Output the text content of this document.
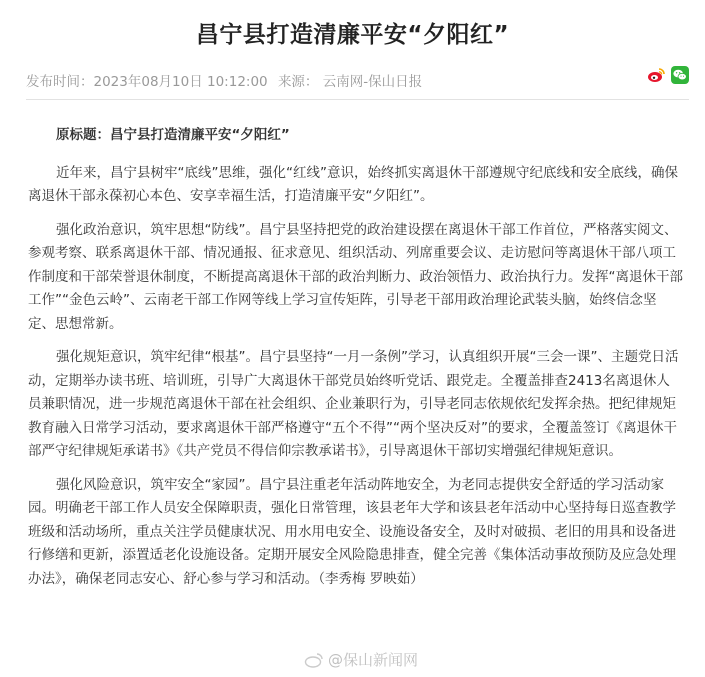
昌宁县打造清廉平安“夕阳红”
发布时间：2023年08月10日 10:12:00 来源： 云南网-保山日报

原标题：昌宁县打造清廉平安“夕阳红”

近年来，昌宁县树牢“底线”思维，强化“红线”意识，始终抓实离退休干部遵规守纪底线和安全底线，确保离退休干部永葆初心本色、安享幸福生活，打造清廉平安“夕阳红”。

强化政治意识，筑牢思想“防线”。昌宁县坚持把党的政治建设摆在离退休干部工作首位，严格落实阅文、参观考察、联系离退休干部、情况通报、征求意见、组织活动、列席重要会议、走访慰问等离退休干部八项工作制度和干部荣誉退休制度，不断提高离退休干部的政治判断力、政治领悟力、政治执行力。发挥“离退休干部工作”“金色云岭”、云南老干部工作网等线上学习宣传矩阵，引导老干部用政治理论武装头脑，始终信念坚定、思想常新。

强化规矩意识，筑牢纪律“根基”。昌宁县坚持“一月一条例”学习，认真组织开展“三会一课”、主题党日活动，定期举办读书班、培训班，引导广大离退休干部党员始终听党话、跟党走。全覆盖排查2413名离退休人员兼职情况，进一步规范离退休干部在社会组织、企业兼职行为，引导老同志依规依纪发挥余热。把纪律规矩教育融入日常学习活动，要求离退休干部严格遵守“五个不得”“两个坚决反对”的要求，全覆盖签订《离退休干部严守纪律规矩承诺书》《共产党员不得信仰宗教承诺书》，引导离退休干部切实增强纪律规矩意识。

强化风险意识，筑牢安全“家园”。昌宁县注重老年活动阵地安全，为老同志提供安全舒适的学习活动家园。明确老干部工作人员安全保障职责，强化日常管理，该县老年大学和该县老年活动中心坚持每日巡查教学班级和活动场所，重点关注学员健康状况、用水用电安全、设施设备安全，及时对破损、老旧的用具和设备进行修缮和更新，添置适老化设施设备。定期开展安全风险隐患排查，健全完善《集体活动事故预防及应急处理办法》，确保老同志安心、舒心参与学习和活动。（李秀梅 罗映茹）

@保山新闻网
